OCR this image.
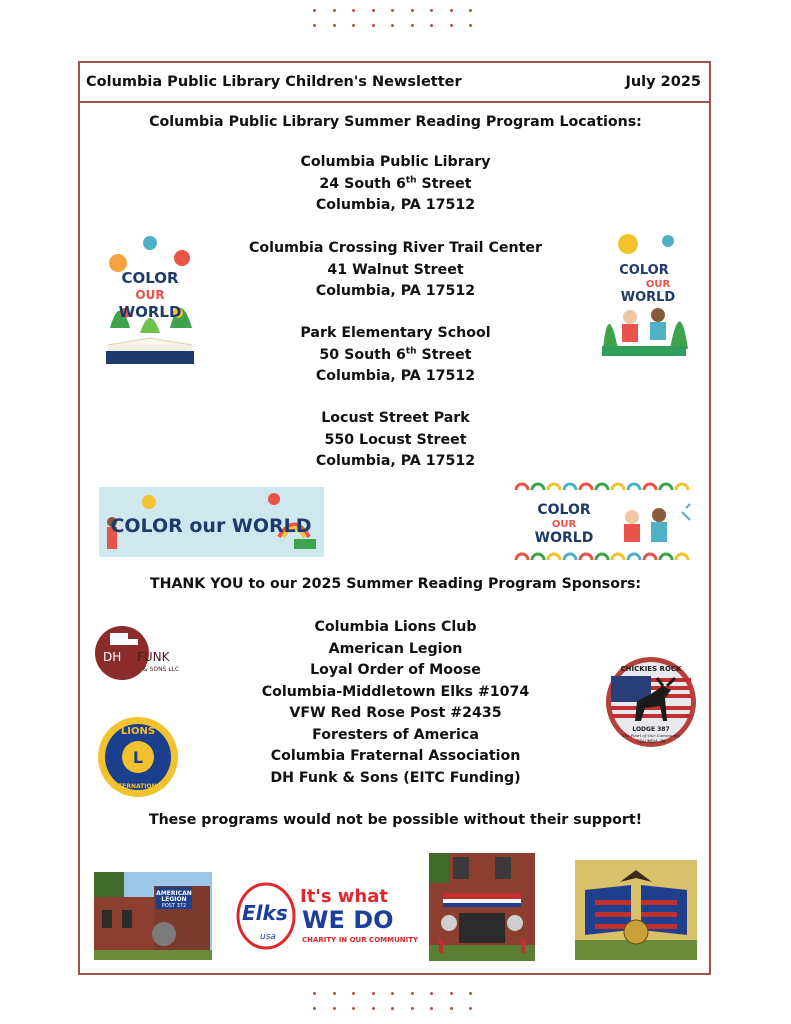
Columbia Public Library Children's Newsletter	July 2025
Columbia Public Library Summer Reading Program Locations:
Columbia Public Library
24 South 6th Street
Columbia, PA 17512
Columbia Crossing River Trail Center
41 Walnut Street
Columbia, PA 17512
Park Elementary School
50 South 6th Street
Columbia, PA 17512
Locust Street Park
550 Locust Street
Columbia, PA 17512
COLOR
OUR
WORLD
COLOR
OUR
WORLD
COLOR our WORLD
COLOR
OUR
WORLD
THANK YOU to our 2025 Summer Reading Program Sponsors:
Columbia Lions Club
American Legion
Loyal Order of Moose
Columbia-Middletown Elks #1074
VFW Red Rose Post #2435
Foresters of America
Columbia Fraternal Association
DH Funk & Sons (EITC Funding)
These programs would not be possible without their support!
DH FUNK
& SONS LLC
LIONS
INTERNATIONAL
L
CHICKIES ROCK
LODGE 387
The Pearl of Our Community
COLUMBIA, PA
AMERICAN
LEGION
POST 372	Elks
usa
It's what
WE DO
CHARITY IN OUR COMMUNITY
